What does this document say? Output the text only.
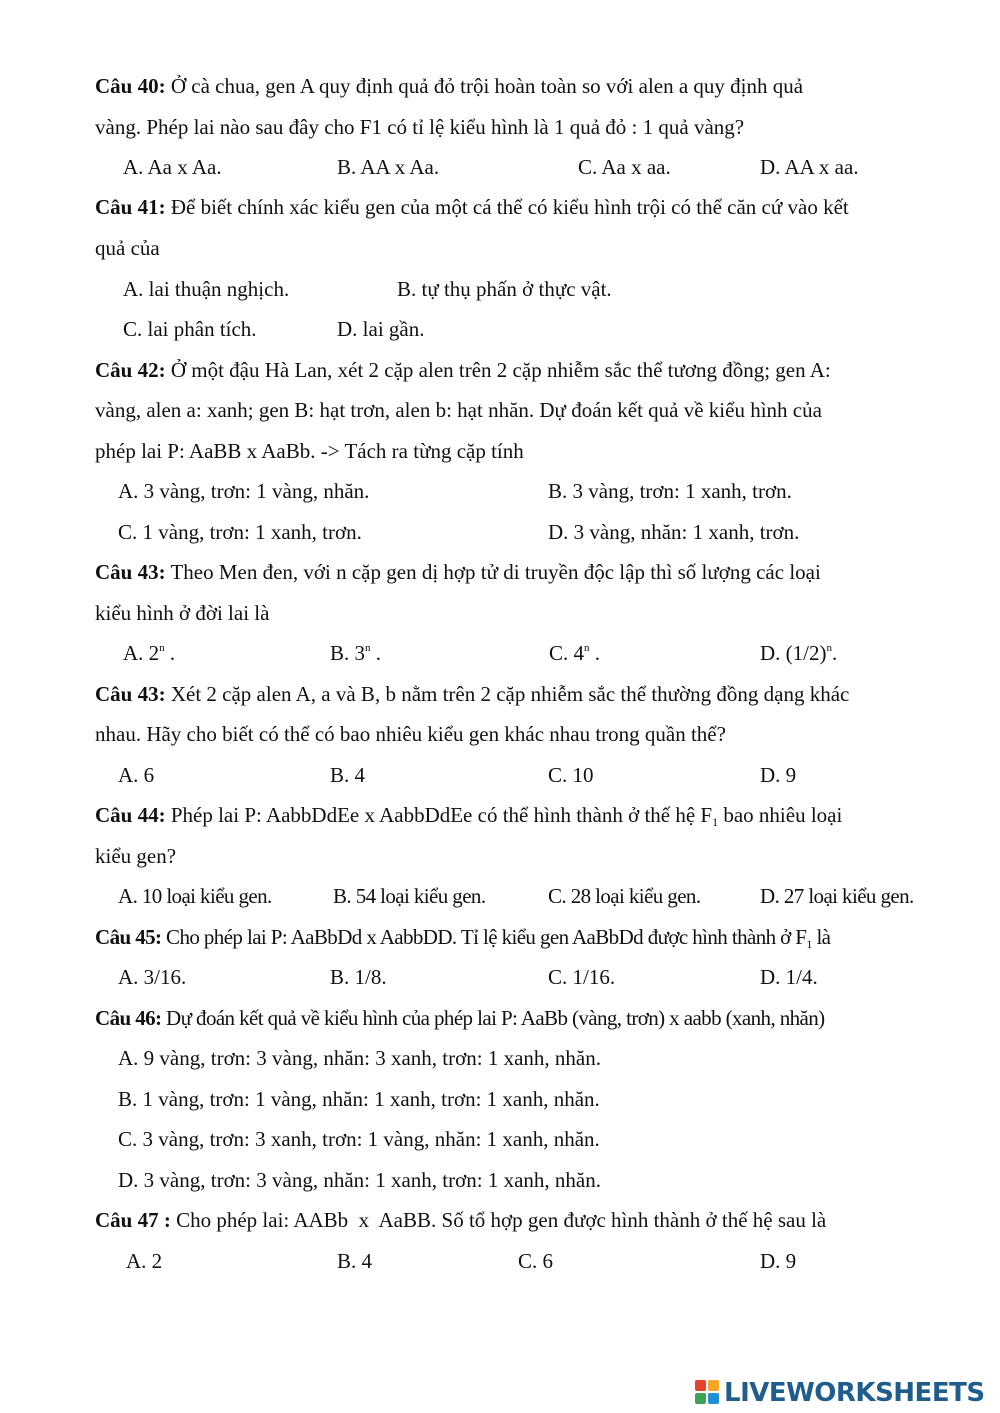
Câu 40: Ở cà chua, gen A quy định quả đỏ trội hoàn toàn so với alen a quy định quả
vàng. Phép lai nào sau đây cho F1 có tỉ lệ kiểu hình là 1 quả đỏ : 1 quả vàng?
A. Aa x Aa.	B. AA x Aa.	C. Aa x aa.	D. AA x aa.
Câu 41: Để biết chính xác kiểu gen của một cá thể có kiểu hình trội có thể căn cứ vào kết
quả của
A. lai thuận nghịch.	B. tự thụ phấn ở thực vật.
C. lai phân tích.	D. lai gần.
Câu 42: Ở một đậu Hà Lan, xét 2 cặp alen trên 2 cặp nhiễm sắc thể tương đồng; gen A:
vàng, alen a: xanh; gen B: hạt trơn, alen b: hạt nhăn. Dự đoán kết quả về kiểu hình của
phép lai P: AaBB x AaBb. -> Tách ra từng cặp tính
A. 3 vàng, trơn: 1 vàng, nhăn.	B. 3 vàng, trơn: 1 xanh, trơn.
C. 1 vàng, trơn: 1 xanh, trơn.	D. 3 vàng, nhăn: 1 xanh, trơn.
Câu 43: Theo Men đen, với n cặp gen dị hợp tử di truyền độc lập thì số lượng các loại
kiểu hình ở đời lai là
A. 2$^n$ .	B. 3$^n$ .	C. 4$^n$ .	D. $(1/2)^n$.
Câu 43: Xét 2 cặp alen A, a và B, b nằm trên 2 cặp nhiễm sắc thể thường đồng dạng khác
nhau. Hãy cho biết có thể có bao nhiêu kiểu gen khác nhau trong quần thể?
A. 6	B. 4	C. 10	D. 9
Câu 44: Phép lai P: AabbDdEe x AabbDdEe có thể hình thành ở thế hệ $F_1$ bao nhiêu loại
kiểu gen?
A. 10 loại kiểu gen.	B. 54 loại kiểu gen.	C. 28 loại kiểu gen.	D. 27 loại kiểu gen.
Câu 45: Cho phép lai P: AaBbDd x AabbDD. Tỉ lệ kiểu gen AaBbDd được hình thành ở $F_1$ là
A. 3/16.	B. 1/8.	C. 1/16.	D. 1/4.
Câu 46: Dự đoán kết quả về kiểu hình của phép lai P: AaBb (vàng, trơn) x aabb (xanh, nhăn)
A. 9 vàng, trơn: 3 vàng, nhăn: 3 xanh, trơn: 1 xanh, nhăn.
B. 1 vàng, trơn: 1 vàng, nhăn: 1 xanh, trơn: 1 xanh, nhăn.
C. 3 vàng, trơn: 3 xanh, trơn: 1 vàng, nhăn: 1 xanh, nhăn.
D. 3 vàng, trơn: 3 vàng, nhăn: 1 xanh, trơn: 1 xanh, nhăn.
Câu 47 : Cho phép lai: AABb  x  AaBB. Số tổ hợp gen được hình thành ở thế hệ sau là
A. 2	B. 4	C. 6	D. 9
LIVEWORKSHEETS
